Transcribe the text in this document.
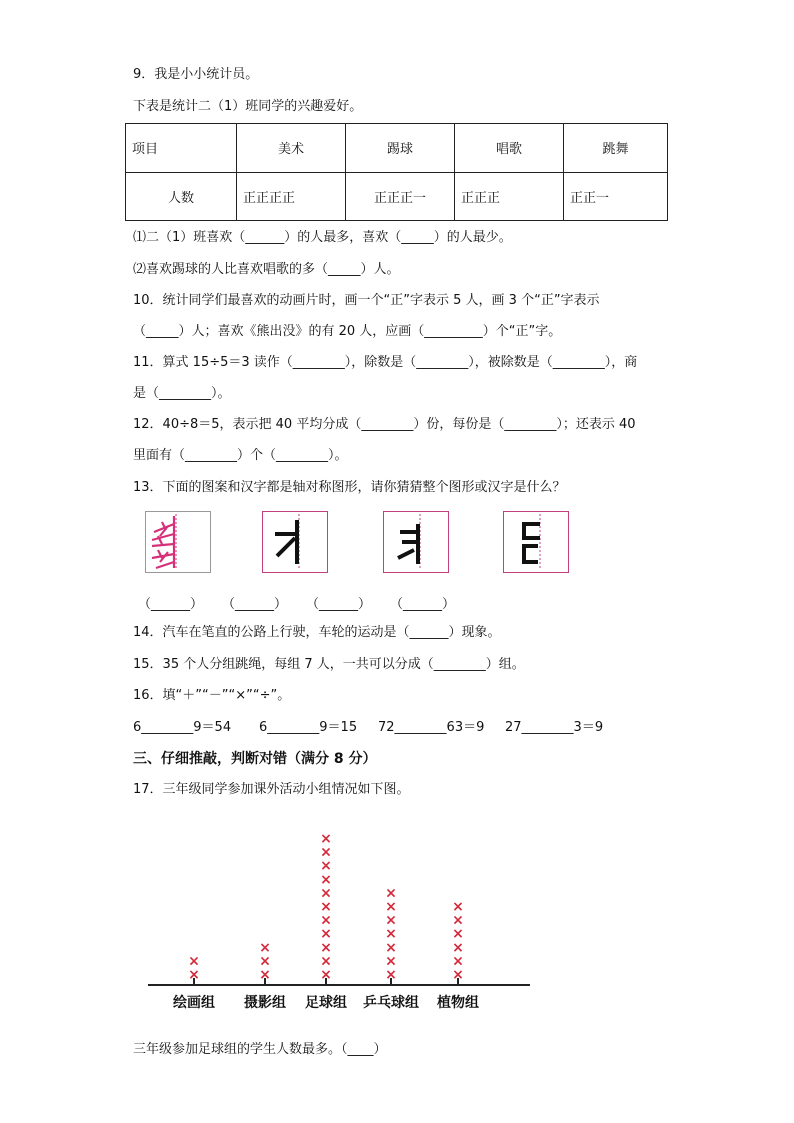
9．我是小小统计员。
下表是统计二（1）班同学的兴趣爱好。
项目	美术	踢球	唱歌	跳舞
人数	正正正正	正正正一	正正正	正正一
⑴二（1）班喜欢（______）的人最多，喜欢（_____）的人最少。
⑵喜欢踢球的人比喜欢唱歌的多（_____）人。
10．统计同学们最喜欢的动画片时，画一个“正”字表示 5 人，画 3 个“正”字表示
（_____）人；喜欢《熊出没》的有 20 人，应画（_________）个“正”字。
11．算式 15÷5＝3 读作（________），除数是（________），被除数是（________），商
是（________）。
12．40÷8＝5，表示把 40 平均分成（________）份，每份是（________）；还表示 40
里面有（________）个（________）。
13．下面的图案和汉字都是轴对称图形，请你猜猜整个图形或汉字是什么？
（______） （______） （______） （______）
14．汽车在笔直的公路上行驶，车轮的运动是（______）现象。
15．35 个人分组跳绳，每组 7 人，一共可以分成（________）组。
16．填“＋”“－”“×”“÷”。
6________9＝54 6________9＝15 72________63＝9 27________3＝9
三、仔细推敲，判断对错（满分 8 分）
17．三年级同学参加课外活动小组情况如下图。
×
×
绘画组
×
×
×
摄影组
×
×
×
×
×
×
×
×
×
×
×
足球组
×
×
×
×
×
×
×
乒乓球组
×
×
×
×
×
×
植物组
三年级参加足球组的学生人数最多。（____）
